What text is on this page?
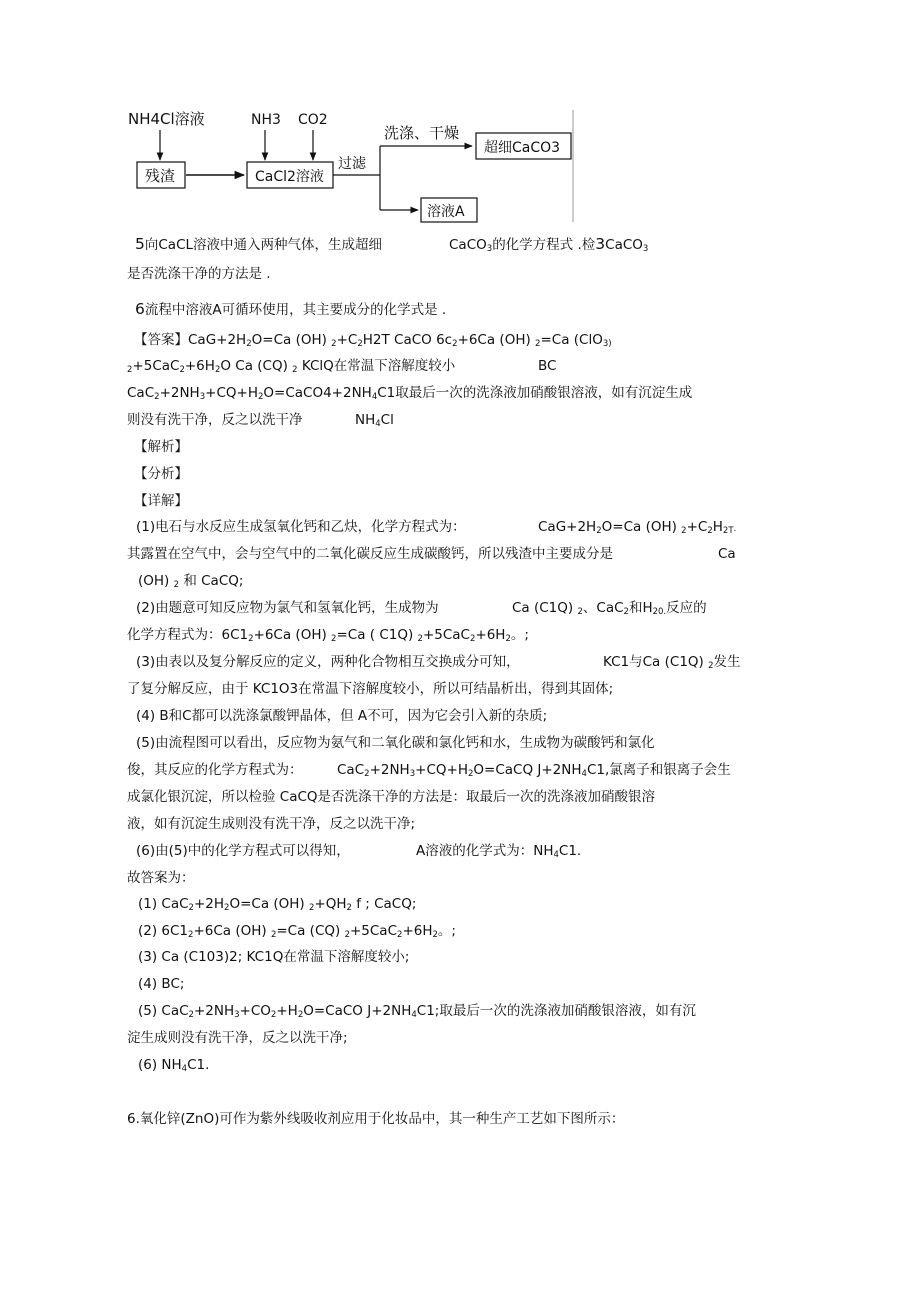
NH4Cl溶液
残渣
NH3 CO2
CaCl2溶液
过滤
洗涤、干燥
超细CaCO3
溶液A
5向CaCL溶液中通入两种气体，生成超细	CaCO$_3$的化学方程式 .检3CaCO$_3$
是否洗涤干净的方法是 .
6流程中溶液A可循环使用，其主要成分的化学式是 .
【答案】$CaG+2H_2O=Ca$ (OH) $_2+C_2H2T$ CaCO $6c_2+6Ca$ (OH) $_2$=Ca (ClO$_{3)}$
$_2+5CaC_2+6H_2O$ Ca (CQ) $_2$ KClQ在常温下溶解度较小	BC
$CaC_2+2NH_3+CQ+H_2O=CaCO4+2NH_4C1$取最后一次的洗涤液加硝酸银溶液，如有沉淀生成
则没有洗干净，反之以洗干净	$NH_4Cl$
【解析】
【分析】
【详解】
(1)电石与水反应生成氢氧化钙和乙炔，化学方程式为：	$CaG+2H_2O=Ca$ (OH) $_2+C_2H_{2T}$.
其露置在空气中，会与空气中的二氧化碳反应生成碳酸钙，所以残渣中主要成分是	Ca
(OH) $_2$ 和 CaCQ;
(2)由题意可知反应物为氯气和氢氧化钙，生成物为	Ca (C1Q) $_2$、CaC$_2$和$H_{20.}$反应的
化学方程式为：$6C1_2+6Ca$ (OH) $_2$=Ca ( C1Q) $_2+5CaC_2+6H_2$。;
(3)由表以及复分解反应的定义，两种化合物相互交换成分可知，	KC1与Ca (C1Q) $_2$发生
了复分解反应，由于 KC1O3在常温下溶解度较小，所以可结晶析出，得到其固体;
(4) B和C都可以洗涤氯酸钾晶体，但 A不可，因为它会引入新的杂质;
(5)由流程图可以看出，反应物为氨气和二氧化碳和氯化钙和水，生成物为碳酸钙和氯化
俊，其反应的化学方程式为：	$CaC_2+2NH_3+CQ+H_2O=CaCQ$ $J+2NH_4C1$,氯离子和银离子会生
成氯化银沉淀，所以检验 CaCQ是否洗涤干净的方法是：取最后一次的洗涤液加硝酸银溶
液，如有沉淀生成则没有洗干净，反之以洗干净;
(6)由(5)中的化学方程式可以得知，	A溶液的化学式为：$NH_4C1$.
故答案为：
(1) $CaC_2+2H_2O=Ca$ (OH) $_2+QH_2$ f ; CaCQ;
(2) $6C1_2+6Ca$ (OH) $_2$=Ca (CQ) $_2+5CaC_2+6H_2$。;
(3) Ca (C103)2; KC1Q在常温下溶解度较小;
(4) BC;
(5) $CaC_2+2NH_3+CO_2+H_2O=CaCO$ $J+2NH_4C1$;取最后一次的洗涤液加硝酸银溶液，如有沉
淀生成则没有洗干净，反之以洗干净;
(6) $NH_4C1$.
6.氧化锌(ZnO)可作为紫外线吸收剂应用于化妆品中，其一种生产工艺如下图所示：
